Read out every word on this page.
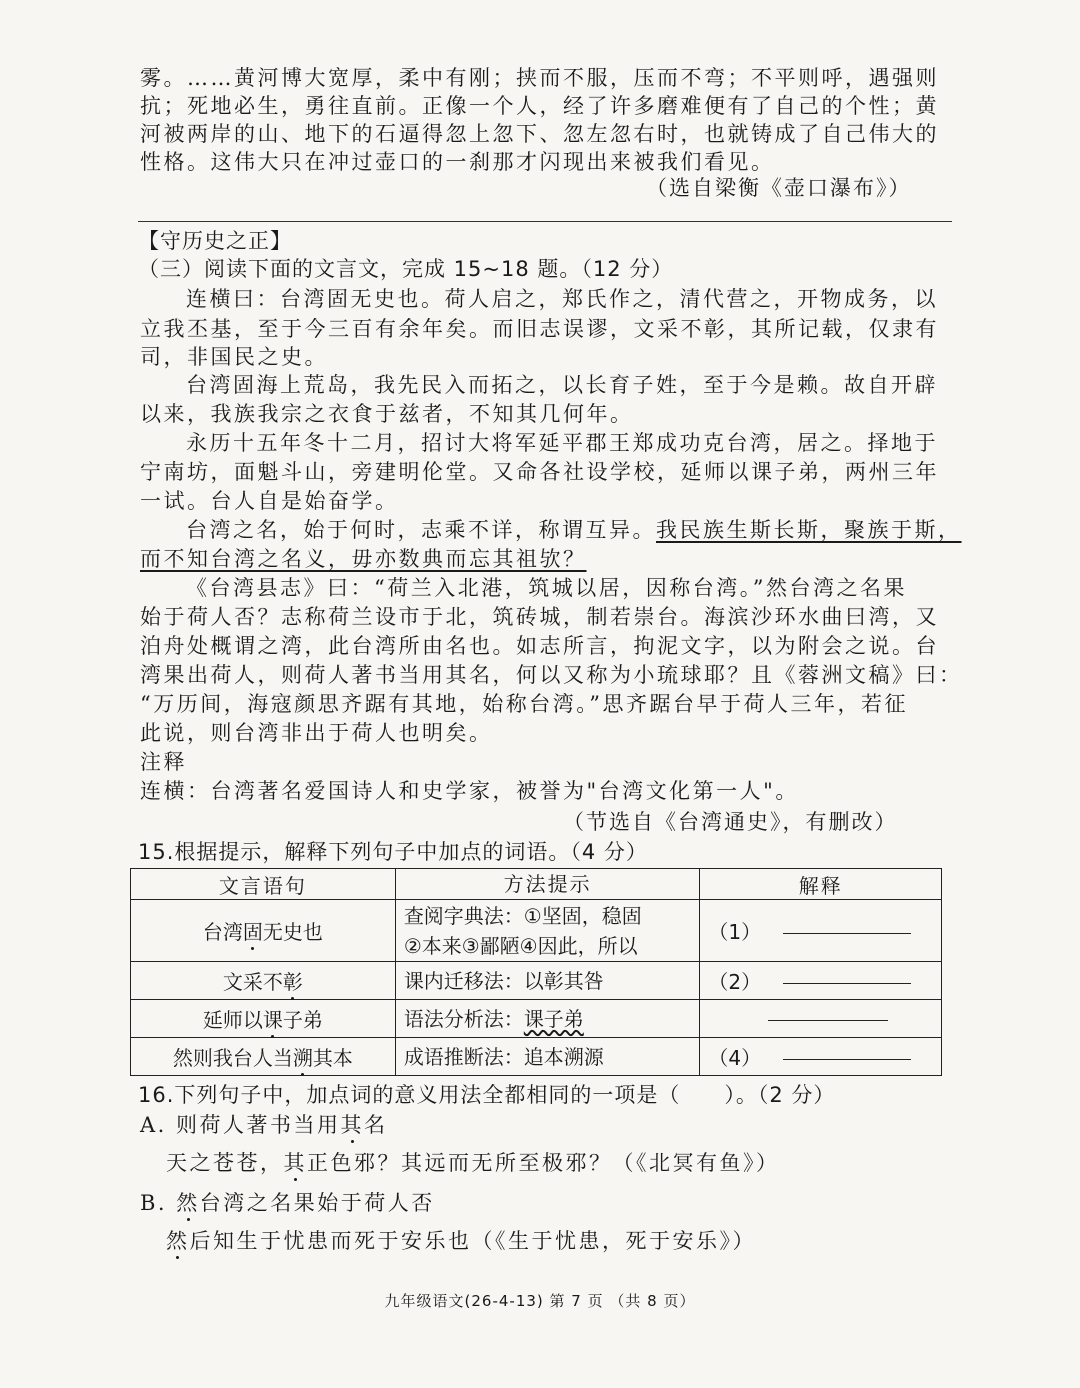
雾。……黄河博大宽厚，柔中有刚；挟而不服，压而不弯；不平则呼，遇强则
抗；死地必生，勇往直前。正像一个人，经了许多磨难便有了自己的个性；黄
河被两岸的山、地下的石逼得忽上忽下、忽左忽右时，也就铸成了自己伟大的
性格。这伟大只在冲过壶口的一刹那才闪现出来被我们看见。
（选自梁衡《壶口瀑布》）
【守历史之正】
（三）阅读下面的文言文，完成 15~18 题。（12 分）
连横曰：台湾固无史也。荷人启之，郑氏作之，清代营之，开物成务，以
立我丕基，至于今三百有余年矣。而旧志误谬，文采不彰，其所记载，仅隶有
司，非国民之史。
台湾固海上荒岛，我先民入而拓之，以长育子姓，至于今是赖。故自开辟
以来，我族我宗之衣食于兹者，不知其几何年。
永历十五年冬十二月，招讨大将军延平郡王郑成功克台湾，居之。择地于
宁南坊，面魁斗山，旁建明伦堂。又命各社设学校，延师以课子弟，两州三年
一试。台人自是始奋学。
台湾之名，始于何时，志乘不详，称谓互异。我民族生斯长斯，聚族于斯，
而不知台湾之名义，毋亦数典而忘其祖欤？
《台湾县志》曰：“荷兰入北港，筑城以居，因称台湾。”然台湾之名果
始于荷人否？志称荷兰设市于北，筑砖城，制若崇台。海滨沙环水曲曰湾，又
泊舟处概谓之湾，此台湾所由名也。如志所言，拘泥文字，以为附会之说。台
湾果出荷人，则荷人著书当用其名，何以又称为小琉球耶？且《蓉洲文稿》曰：
“万历间，海寇颜思齐踞有其地，始称台湾。”思齐踞台早于荷人三年，若征
此说，则台湾非出于荷人也明矣。
注释
连横：台湾著名爱国诗人和史学家，被誉为"台湾文化第一人"。
（节选自《台湾通史》，有删改）
15.根据提示，解释下列句子中加点的词语。（4 分）
文言语句	方法提示	解释
台湾固无史也	查阅字典法：①坚固，稳固
②本来③鄙陋④因此，所以	（1）
文采不彰	课内迁移法：以彰其咎	（2）
延师以课子弟	语法分析法：课子弟	
然则我台人当溯其本	成语推断法：追本溯源	（4）
16.下列句子中，加点词的意义用法全都相同的一项是（　　）。（2 分）
A. 则荷人著书当用其名
天之苍苍，其正色邪？其远而无所至极邪？（《北冥有鱼》）
B. 然台湾之名果始于荷人否
然后知生于忧患而死于安乐也（《生于忧患，死于安乐》）
九年级语文(26-4-13) 第 7 页 （共 8 页）
